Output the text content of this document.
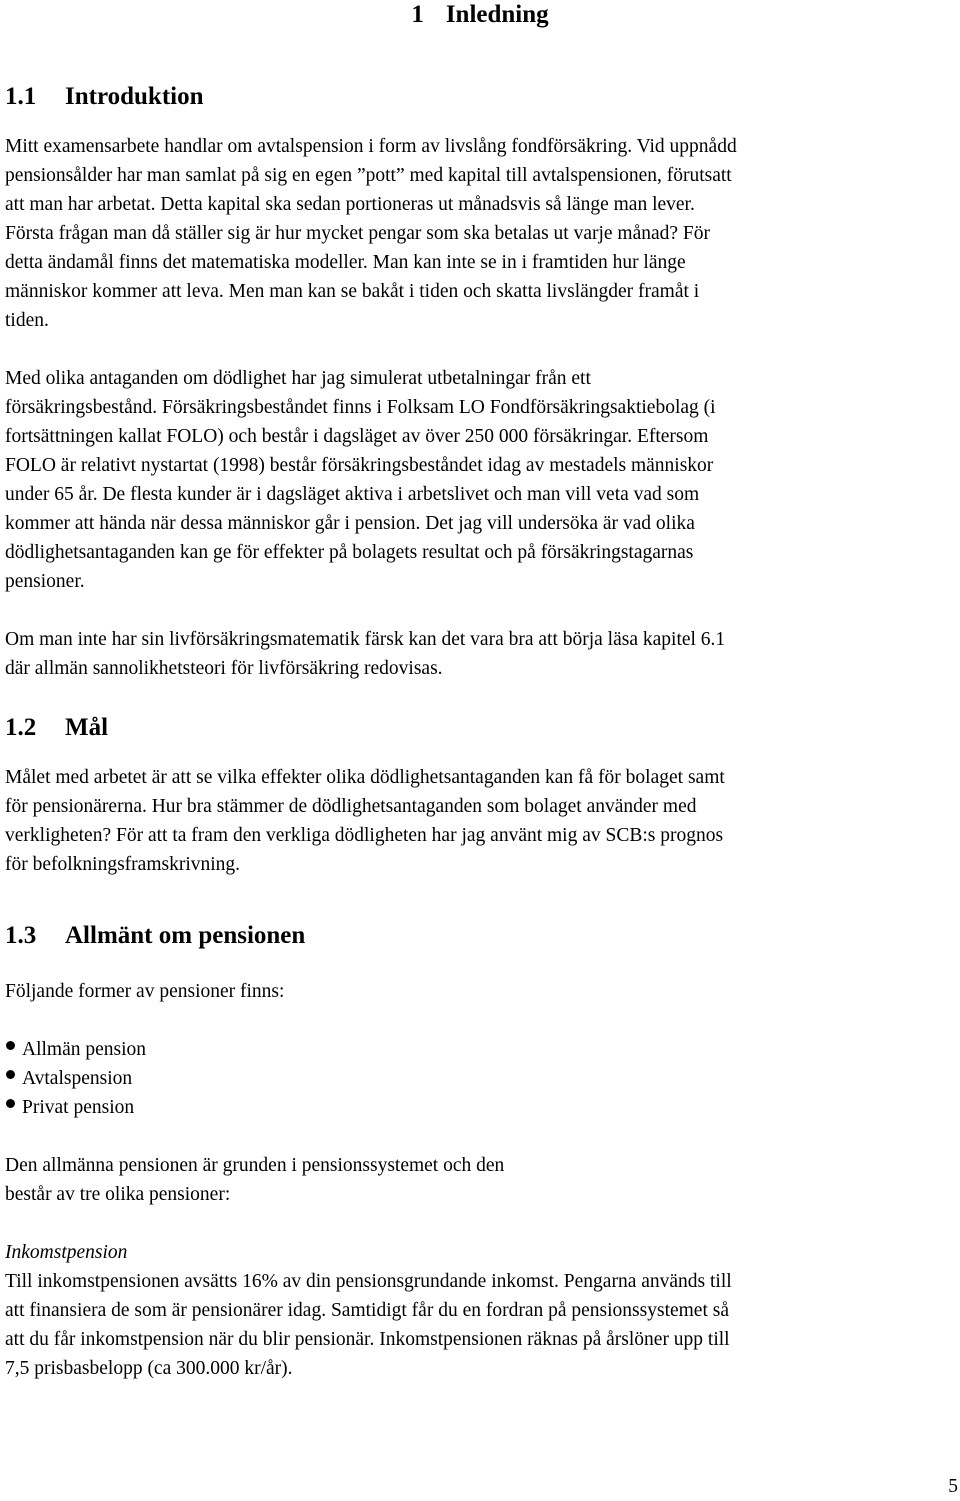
1 Inledning
1.1 Introduktion

Mitt examensarbete handlar om avtalspension i form av livslång fondförsäkring. Vid uppnådd
pensionsålder har man samlat på sig en egen ”pott” med kapital till avtalspensionen, förutsatt
att man har arbetat. Detta kapital ska sedan portioneras ut månadsvis så länge man lever.
Första frågan man då ställer sig är hur mycket pengar som ska betalas ut varje månad? För
detta ändamål finns det matematiska modeller. Man kan inte se in i framtiden hur länge
människor kommer att leva. Men man kan se bakåt i tiden och skatta livslängder framåt i
tiden.

Med olika antaganden om dödlighet har jag simulerat utbetalningar från ett
försäkringsbestånd. Försäkringsbeståndet finns i Folksam LO Fondförsäkringsaktiebolag (i
fortsättningen kallat FOLO) och består i dagsläget av över 250 000 försäkringar. Eftersom
FOLO är relativt nystartat (1998) består försäkringsbeståndet idag av mestadels människor
under 65 år. De flesta kunder är i dagsläget aktiva i arbetslivet och man vill veta vad som
kommer att hända när dessa människor går i pension. Det jag vill undersöka är vad olika
dödlighetsantaganden kan ge för effekter på bolagets resultat och på försäkringstagarnas
pensioner.

Om man inte har sin livförsäkringsmatematik färsk kan det vara bra att börja läsa kapitel 6.1
där allmän sannolikhetsteori för livförsäkring redovisas.

1.2 Mål

Målet med arbetet är att se vilka effekter olika dödlighetsantaganden kan få för bolaget samt
för pensionärerna. Hur bra stämmer de dödlighetsantaganden som bolaget använder med
verkligheten? För att ta fram den verkliga dödligheten har jag använt mig av SCB:s prognos
för befolkningsframskrivning.

1.3 Allmänt om pensionen

Följande former av pensioner finns:

Allmän pension
Avtalspension
Privat pension

Den allmänna pensionen är grunden i pensionssystemet och den
består av tre olika pensioner:

Inkomstpension

Till inkomstpensionen avsätts 16% av din pensionsgrundande inkomst. Pengarna används till
att finansiera de som är pensionärer idag. Samtidigt får du en fordran på pensionssystemet så
att du får inkomstpension när du blir pensionär. Inkomstpensionen räknas på årslöner upp till
7,5 prisbasbelopp (ca 300.000 kr/år).

5
